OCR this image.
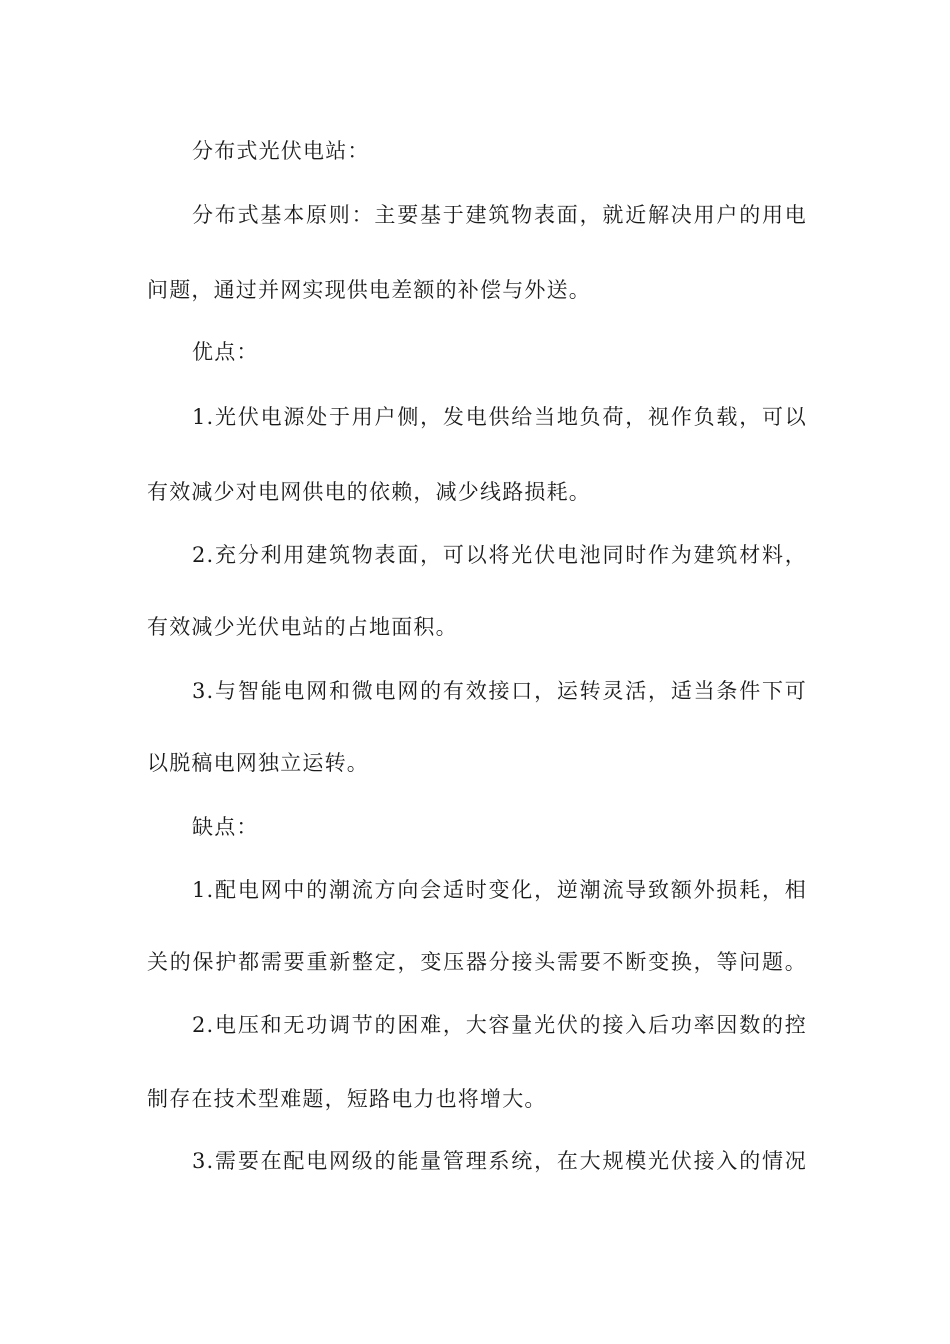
分布式光伏电站：
分布式基本原则：主要基于建筑物表面，就近解决用户的用电
问题，通过并网实现供电差额的补偿与外送。
优点：
1.光伏电源处于用户侧，发电供给当地负荷，视作负载，可以
有效减少对电网供电的依赖，减少线路损耗。
2.充分利用建筑物表面，可以将光伏电池同时作为建筑材料，
有效减少光伏电站的占地面积。
3.与智能电网和微电网的有效接口，运转灵活，适当条件下可
以脱稿电网独立运转。
缺点：
1.配电网中的潮流方向会适时变化，逆潮流导致额外损耗，相
关的保护都需要重新整定，变压器分接头需要不断变换，等问题。
2.电压和无功调节的困难，大容量光伏的接入后功率因数的控
制存在技术型难题，短路电力也将增大。
3.需要在配电网级的能量管理系统，在大规模光伏接入的情况
